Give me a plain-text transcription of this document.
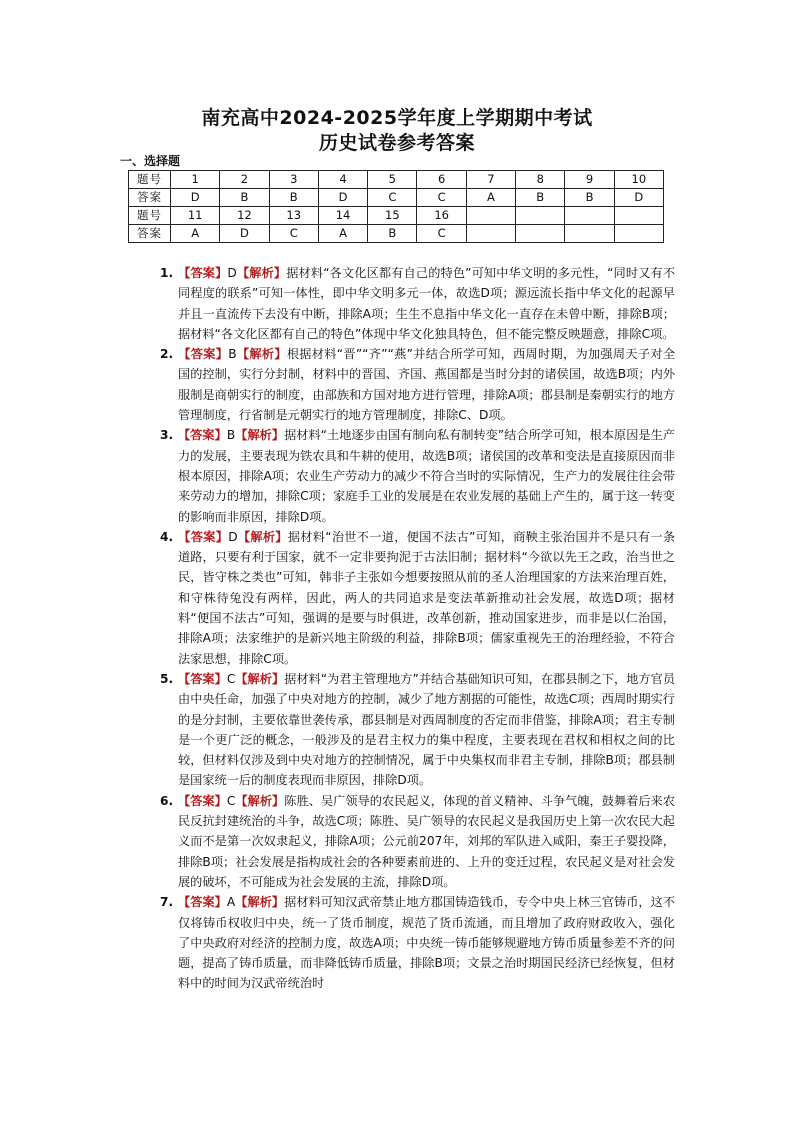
南充高中2024-2025学年度上学期期中考试
历史试卷参考答案
一、选择题
题号	1	2	3	4	5	6	7	8	9	10
答案	D	B	B	D	C	C	A	B	B	D
题号	11	12	13	14	15	16				
答案	A	D	C	A	B	C				
1. 【答案】D【解析】据材料“各文化区都有自己的特色”可知中华文明的多元性，“同时又有不同程度的联系”可知一体性，即中华文明多元一体，故选D项；源远流长指中华文化的起源早并且一直流传下去没有中断，排除A项；生生不息指中华文化一直存在未曾中断，排除B项；据材料“各文化区都有自己的特色”体现中华文化独具特色，但不能完整反映题意，排除C项。
2. 【答案】B【解析】根据材料“晋”“齐”“燕”并结合所学可知，西周时期，为加强周天子对全国的控制，实行分封制，材料中的晋国、齐国、燕国都是当时分封的诸侯国，故选B项；内外服制是商朝实行的制度，由部族和方国对地方进行管理，排除A项；郡县制是秦朝实行的地方管理制度，行省制是元朝实行的地方管理制度，排除C、D项。
3. 【答案】B【解析】据材料“土地逐步由国有制向私有制转变”结合所学可知，根本原因是生产力的发展，主要表现为铁农具和牛耕的使用，故选B项；诸侯国的改革和变法是直接原因而非根本原因，排除A项；农业生产劳动力的减少不符合当时的实际情况，生产力的发展往往会带来劳动力的增加，排除C项；家庭手工业的发展是在农业发展的基础上产生的，属于这一转变的影响而非原因，排除D项。
4. 【答案】D【解析】据材料“治世不一道，便国不法古”可知，商鞅主张治国并不是只有一条道路，只要有利于国家，就不一定非要拘泥于古法旧制；据材料“今欲以先王之政，治当世之民，皆守株之类也”可知，韩非子主张如今想要按照从前的圣人治理国家的方法来治理百姓，和守株待兔没有两样，因此，两人的共同追求是变法革新推动社会发展，故选D项；据材料“便国不法古”可知，强调的是要与时俱进，改革创新，推动国家进步，而非是以仁治国，排除A项；法家维护的是新兴地主阶级的利益，排除B项；儒家重视先王的治理经验，不符合法家思想，排除C项。
5. 【答案】C【解析】据材料“为君主管理地方”并结合基础知识可知，在郡县制之下，地方官员由中央任命，加强了中央对地方的控制，减少了地方割据的可能性，故选C项；西周时期实行的是分封制，主要依靠世袭传承，郡县制是对西周制度的否定而非借鉴，排除A项；君主专制是一个更广泛的概念，一般涉及的是君主权力的集中程度，主要表现在君权和相权之间的比较，但材料仅涉及到中央对地方的控制情况，属于中央集权而非君主专制，排除B项；郡县制是国家统一后的制度表现而非原因，排除D项。
6. 【答案】C【解析】陈胜、吴广领导的农民起义，体现的首义精神、斗争气魄，鼓舞着后来农民反抗封建统治的斗争，故选C项；陈胜、吴广领导的农民起义是我国历史上第一次农民大起义而不是第一次奴隶起义，排除A项；公元前207年，刘邦的军队进入咸阳，秦王子婴投降，排除B项；社会发展是指构成社会的各种要素前进的、上升的变迁过程，农民起义是对社会发展的破坏，不可能成为社会发展的主流，排除D项。
7. 【答案】A【解析】据材料可知汉武帝禁止地方郡国铸造钱币，专令中央上林三官铸币，这不仅将铸币权收归中央，统一了货币制度，规范了货币流通，而且增加了政府财政收入，强化了中央政府对经济的控制力度，故选A项；中央统一铸币能够规避地方铸币质量参差不齐的问题，提高了铸币质量，而非降低铸币质量，排除B项；文景之治时期国民经济已经恢复，但材料中的时间为汉武帝统治时
